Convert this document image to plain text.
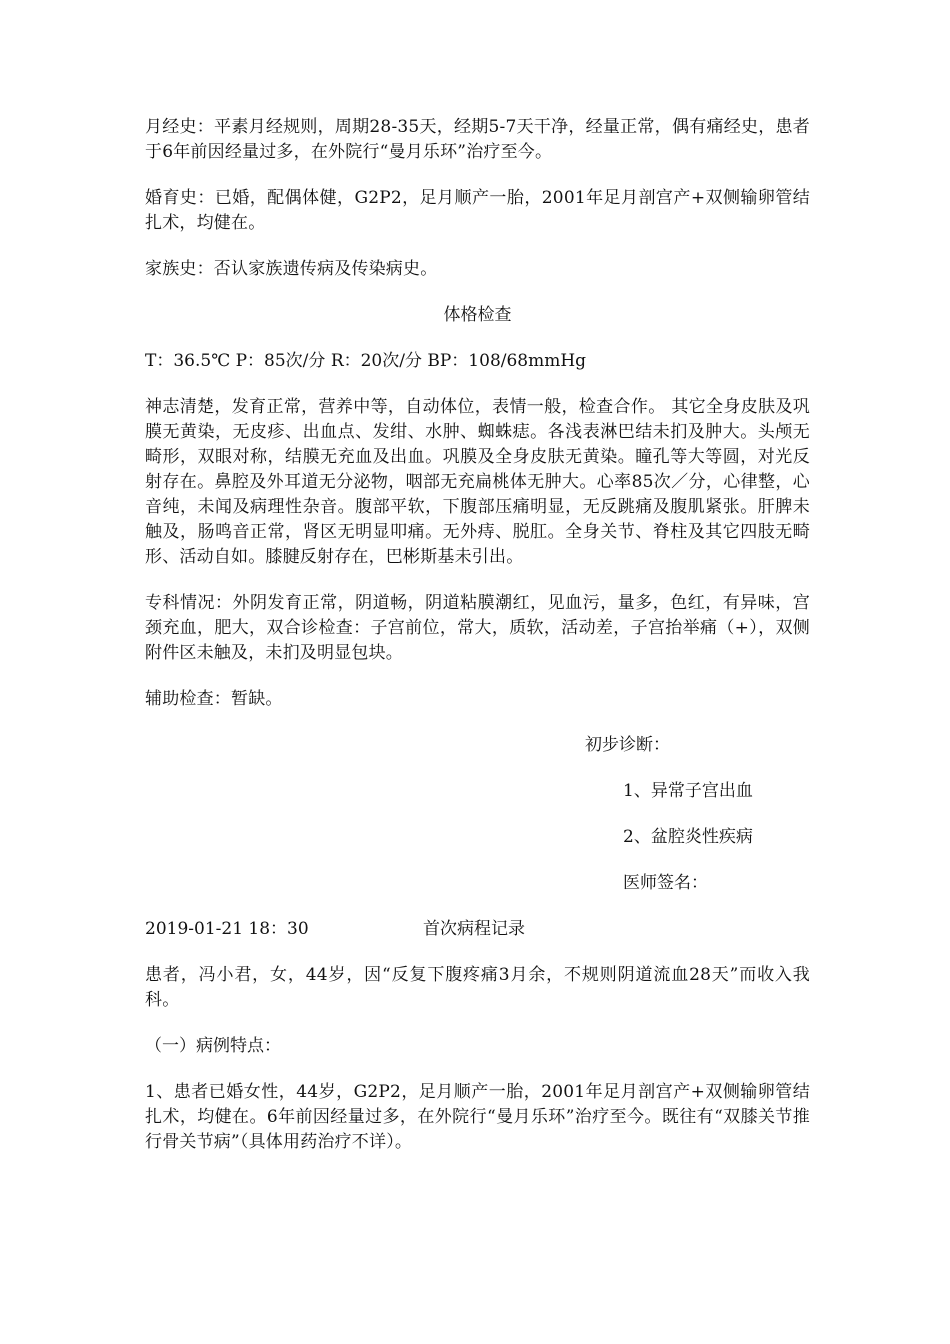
月经史：平素月经规则，周期28-35天，经期5-7天干净，经量正常，偶有痛经史，患者于6年前因经量过多，在外院行“曼月乐环”治疗至今。

婚育史：已婚，配偶体健，G2P2，足月顺产一胎，2001年足月剖宫产+双侧输卵管结扎术，均健在。

家族史：否认家族遗传病及传染病史。

体格检查

T：36.5℃ P：85次/分 R：20次/分 BP：108/68mmHg

神志清楚，发育正常，营养中等，自动体位，表情一般，检查合作。 其它全身皮肤及巩膜无黄染，无皮疹、出血点、发绀、水肿、蜘蛛痣。各浅表淋巴结未扪及肿大。头颅无畸形，双眼对称，结膜无充血及出血。巩膜及全身皮肤无黄染。瞳孔等大等圆，对光反射存在。鼻腔及外耳道无分泌物，咽部无充扁桃体无肿大。心率85次／分，心律整，心音纯，未闻及病理性杂音。腹部平软，下腹部压痛明显，无反跳痛及腹肌紧张。肝脾未触及，肠鸣音正常，肾区无明显叩痛。无外痔、脱肛。全身关节、脊柱及其它四肢无畸形、活动自如。膝腱反射存在，巴彬斯基未引出。

专科情况：外阴发育正常，阴道畅，阴道粘膜潮红，见血污，量多，色红，有异味，宫颈充血，肥大，双合诊检查：子宫前位，常大，质软，活动差，子宫抬举痛（+），双侧附件区未触及，未扪及明显包块。

辅助检查：暂缺。

初步诊断：

1、异常子宫出血

2、盆腔炎性疾病

医师签名：

2019-01-21 18：30	首次病程记录

患者，冯小君，女，44岁，因“反复下腹疼痛3月余，不规则阴道流血28天”而收入我科。

（一）病例特点：

1、患者已婚女性，44岁，G2P2，足月顺产一胎，2001年足月剖宫产+双侧输卵管结扎术，均健在。6年前因经量过多，在外院行“曼月乐环”治疗至今。既往有“双膝关节推行骨关节病”（具体用药治疗不详）。
